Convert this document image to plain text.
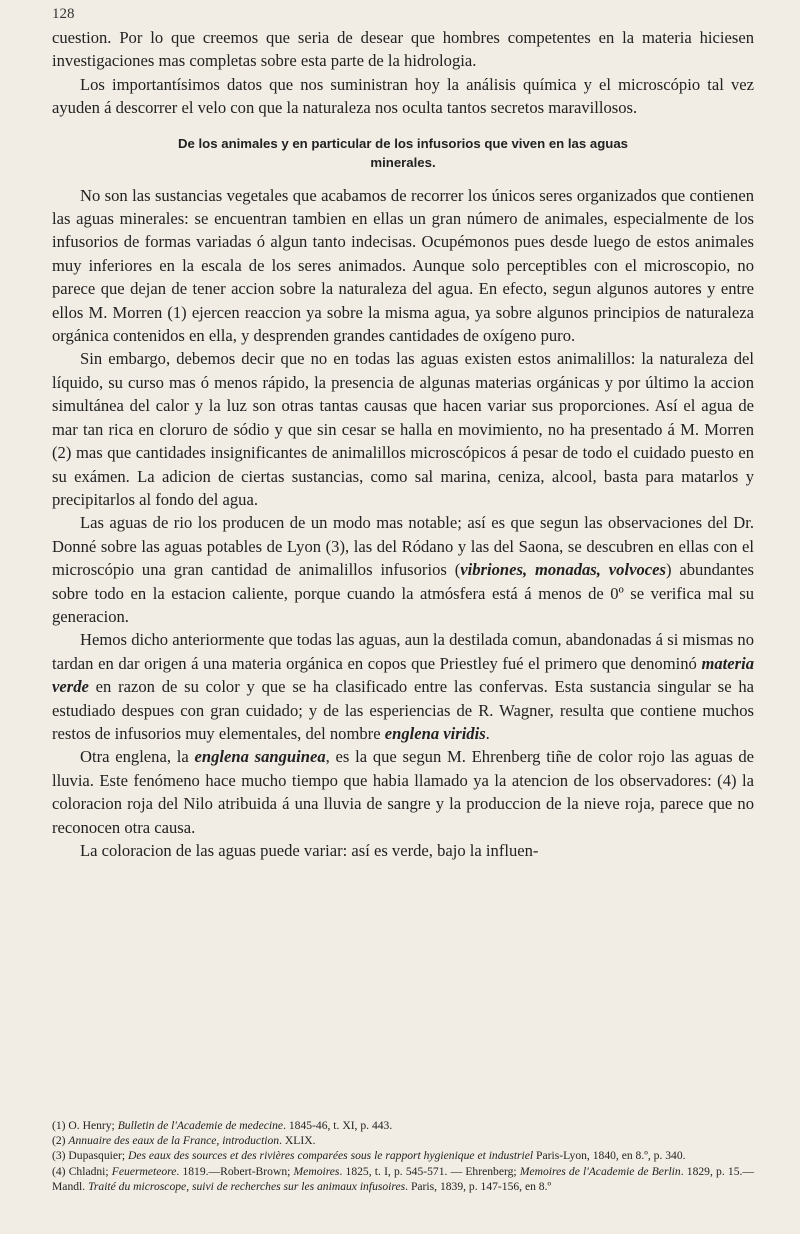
128

cuestion. Por lo que creemos que seria de desear que hombres competentes en la materia hiciesen investigaciones mas completas sobre esta parte de la hidrologia.

Los importantísimos datos que nos suministran hoy la análisis química y el microscópio tal vez ayuden á descorrer el velo con que la naturaleza nos oculta tantos secretos maravillosos.

De los animales y en particular de los infusorios que viven en las aguas
minerales.

No son las sustancias vegetales que acabamos de recorrer los únicos seres organizados que contienen las aguas minerales: se encuentran tambien en ellas un gran número de animales, especialmente de los infusorios de formas variadas ó algun tanto indecisas. Ocupémonos pues desde luego de estos animales muy inferiores en la escala de los seres animados. Aunque solo perceptibles con el microscopio, no parece que dejan de tener accion sobre la naturaleza del agua. En efecto, segun algunos autores y entre ellos M. Morren (1) ejercen reaccion ya sobre la misma agua, ya sobre algunos principios de naturaleza orgánica contenidos en ella, y desprenden grandes cantidades de oxígeno puro.

Sin embargo, debemos decir que no en todas las aguas existen estos animalillos: la naturaleza del líquido, su curso mas ó menos rápido, la presencia de algunas materias orgánicas y por último la accion simultánea del calor y la luz son otras tantas causas que hacen variar sus proporciones. Así el agua de mar tan rica en cloruro de sódio y que sin cesar se halla en movimiento, no ha presentado á M. Morren (2) mas que cantidades insignificantes de animalillos microscópicos á pesar de todo el cuidado puesto en su exámen. La adicion de ciertas sustancias, como sal marina, ceniza, alcool, basta para matarlos y precipitarlos al fondo del agua.

Las aguas de rio los producen de un modo mas notable; así es que segun las observaciones del Dr. Donné sobre las aguas potables de Lyon (3), las del Ródano y las del Saona, se descubren en ellas con el microscópio una gran cantidad de animalillos infusorios (vibriones, monadas, volvoces) abundantes sobre todo en la estacion caliente, porque cuando la atmósfera está á menos de 0º se verifica mal su generacion.

Hemos dicho anteriormente que todas las aguas, aun la destilada comun, abandonadas á si mismas no tardan en dar origen á una materia orgánica en copos que Priestley fué el primero que denominó materia verde en razon de su color y que se ha clasificado entre las confervas. Esta sustancia singular se ha estudiado despues con gran cuidado; y de las esperiencias de R. Wagner, resulta que contiene muchos restos de infusorios muy elementales, del nombre englena viridis.

Otra englena, la englena sanguinea, es la que segun M. Ehrenberg tiñe de color rojo las aguas de lluvia. Este fenómeno hace mucho tiempo que habia llamado ya la atencion de los observadores: (4) la coloracion roja del Nilo atribuida á una lluvia de sangre y la produccion de la nieve roja, parece que no reconocen otra causa.

La coloracion de las aguas puede variar: así es verde, bajo la influen-

(1) O. Henry; Bulletin de l'Academie de medecine. 1845-46, t. XI, p. 443.

(2) Annuaire des eaux de la France, introduction. XLIX.

(3) Dupasquier; Des eaux des sources et des rivières comparées sous le rapport hygienique et industriel Paris-Lyon, 1840, en 8.º, p. 340.

(4) Chladni; Feuermeteore. 1819.—Robert-Brown; Memoires. 1825, t. I, p. 545-571. — Ehrenberg; Memoires de l'Academie de Berlin. 1829, p. 15.—Mandl. Traité du microscope, suivi de recherches sur les animaux infusoires. Paris, 1839, p. 147-156, en 8.º
